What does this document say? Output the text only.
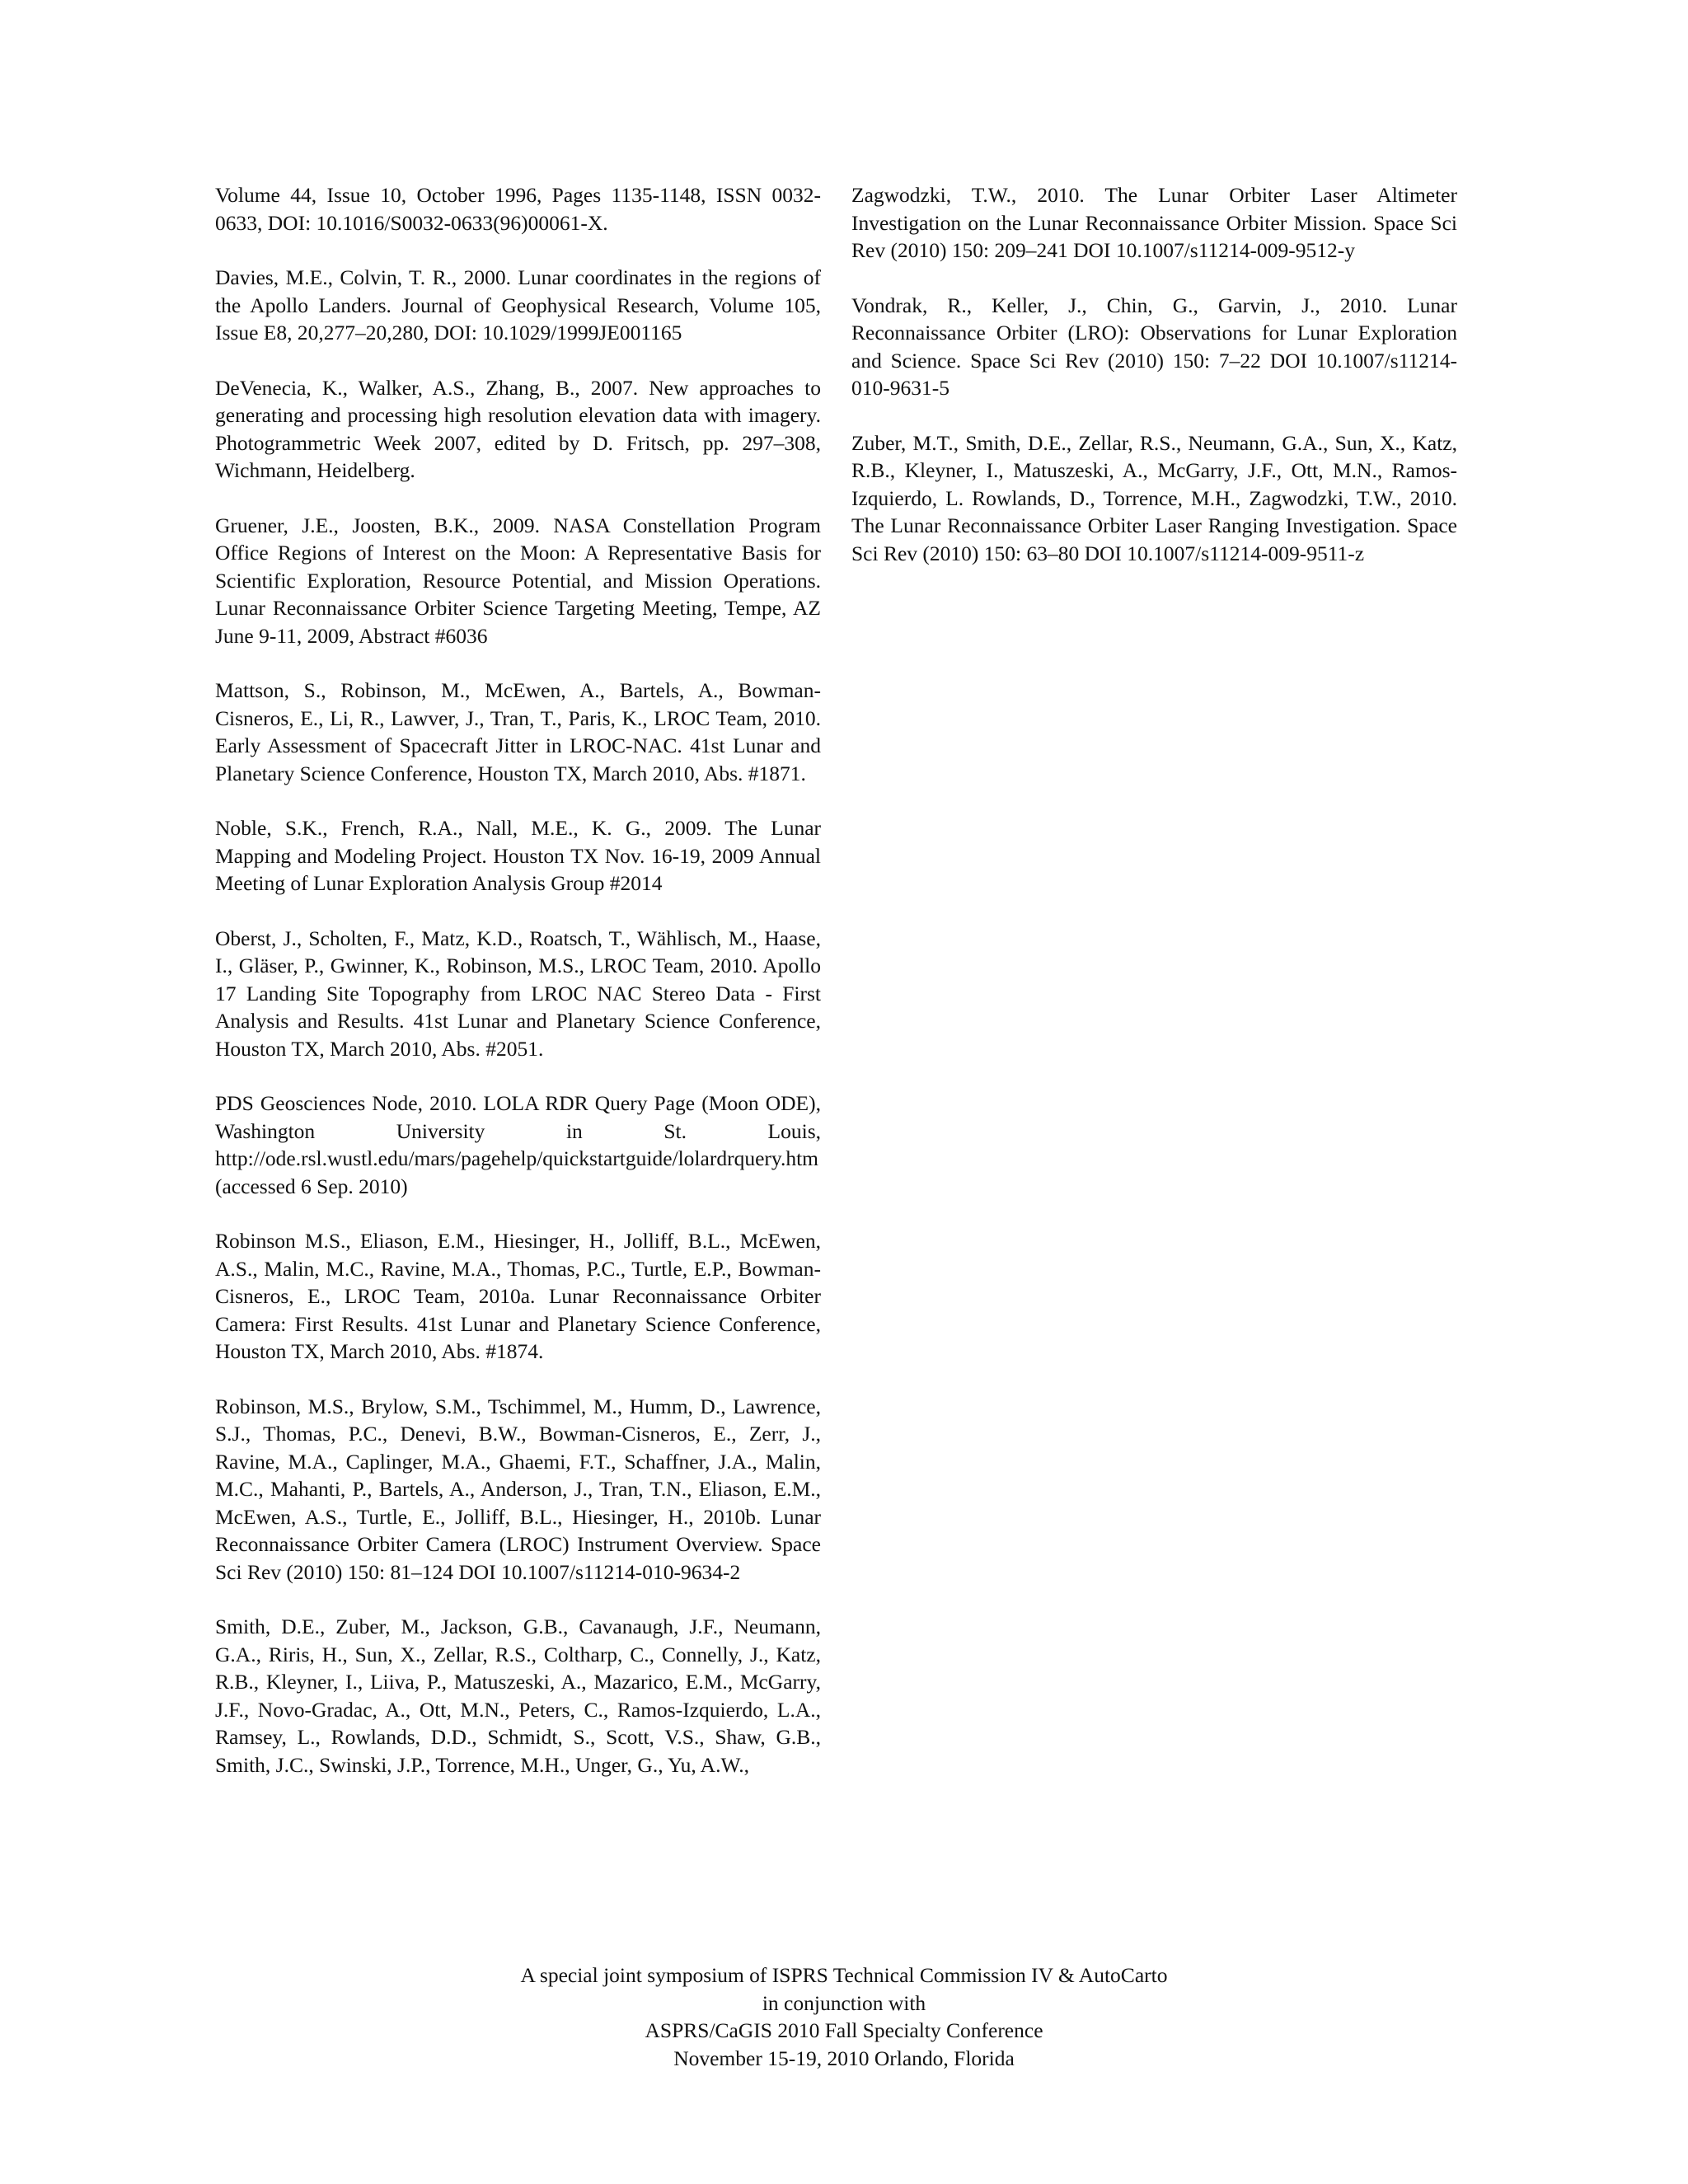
Volume 44, Issue 10, October 1996, Pages 1135-1148, ISSN 0032-0633, DOI: 10.1016/S0032-0633(96)00061-X.

Davies, M.E., Colvin, T. R., 2000. Lunar coordinates in the regions of the Apollo Landers. Journal of Geophysical Research, Volume 105, Issue E8, 20,277–20,280, DOI: 10.1029/1999JE001165

DeVenecia, K., Walker, A.S., Zhang, B., 2007. New approaches to generating and processing high resolution elevation data with imagery. Photogrammetric Week 2007, edited by D. Fritsch, pp. 297–308, Wichmann, Heidelberg.

Gruener, J.E., Joosten, B.K., 2009. NASA Constellation Program Office Regions of Interest on the Moon: A Representative Basis for Scientific Exploration, Resource Potential, and Mission Operations. Lunar Reconnaissance Orbiter Science Targeting Meeting, Tempe, AZ June 9-11, 2009, Abstract #6036

Mattson, S., Robinson, M., McEwen, A., Bartels, A., Bowman-Cisneros, E., Li, R., Lawver, J., Tran, T., Paris, K., LROC Team, 2010. Early Assessment of Spacecraft Jitter in LROC-NAC. 41st Lunar and Planetary Science Conference, Houston TX, March 2010, Abs. #1871.

Noble, S.K., French, R.A., Nall, M.E., K. G., 2009. The Lunar Mapping and Modeling Project. Houston TX Nov. 16-19, 2009 Annual Meeting of Lunar Exploration Analysis Group #2014

Oberst, J., Scholten, F., Matz, K.D., Roatsch, T., Wählisch, M., Haase, I., Gläser, P., Gwinner, K., Robinson, M.S., LROC Team, 2010. Apollo 17 Landing Site Topography from LROC NAC Stereo Data - First Analysis and Results. 41st Lunar and Planetary Science Conference, Houston TX, March 2010, Abs. #2051.

PDS Geosciences Node, 2010. LOLA RDR Query Page (Moon ODE), Washington University in St. Louis, http://ode.rsl.wustl.edu/mars/pagehelp/quickstartguide/lolardrquery.htm (accessed 6 Sep. 2010)

Robinson M.S., Eliason, E.M., Hiesinger, H., Jolliff, B.L., McEwen, A.S., Malin, M.C., Ravine, M.A., Thomas, P.C., Turtle, E.P., Bowman-Cisneros, E., LROC Team, 2010a. Lunar Reconnaissance Orbiter Camera: First Results. 41st Lunar and Planetary Science Conference, Houston TX, March 2010, Abs. #1874.

Robinson, M.S., Brylow, S.M., Tschimmel, M., Humm, D., Lawrence, S.J., Thomas, P.C., Denevi, B.W., Bowman-Cisneros, E., Zerr, J., Ravine, M.A., Caplinger, M.A., Ghaemi, F.T., Schaffner, J.A., Malin, M.C., Mahanti, P., Bartels, A., Anderson, J., Tran, T.N., Eliason, E.M., McEwen, A.S., Turtle, E., Jolliff, B.L., Hiesinger, H., 2010b. Lunar Reconnaissance Orbiter Camera (LROC) Instrument Overview. Space Sci Rev (2010) 150: 81–124 DOI 10.1007/s11214-010-9634-2

Smith, D.E., Zuber, M., Jackson, G.B., Cavanaugh, J.F., Neumann, G.A., Riris, H., Sun, X., Zellar, R.S., Coltharp, C., Connelly, J., Katz, R.B., Kleyner, I., Liiva, P., Matuszeski, A., Mazarico, E.M., McGarry, J.F., Novo-Gradac, A., Ott, M.N., Peters, C., Ramos-Izquierdo, L.A., Ramsey, L., Rowlands, D.D., Schmidt, S., Scott, V.S., Shaw, G.B., Smith, J.C., Swinski, J.P., Torrence, M.H., Unger, G., Yu, A.W.,

Zagwodzki, T.W., 2010. The Lunar Orbiter Laser Altimeter Investigation on the Lunar Reconnaissance Orbiter Mission. Space Sci Rev (2010) 150: 209–241 DOI 10.1007/s11214-009-9512-y

Vondrak, R., Keller, J., Chin, G., Garvin, J., 2010. Lunar Reconnaissance Orbiter (LRO): Observations for Lunar Exploration and Science. Space Sci Rev (2010) 150: 7–22 DOI 10.1007/s11214-010-9631-5

Zuber, M.T., Smith, D.E., Zellar, R.S., Neumann, G.A., Sun, X., Katz, R.B., Kleyner, I., Matuszeski, A., McGarry, J.F., Ott, M.N., Ramos-Izquierdo, L. Rowlands, D., Torrence, M.H., Zagwodzki, T.W., 2010. The Lunar Reconnaissance Orbiter Laser Ranging Investigation. Space Sci Rev (2010) 150: 63–80 DOI 10.1007/s11214-009-9511-z

A special joint symposium of ISPRS Technical Commission IV & AutoCarto
in conjunction with
ASPRS/CaGIS 2010 Fall Specialty Conference
November 15-19, 2010 Orlando, Florida
